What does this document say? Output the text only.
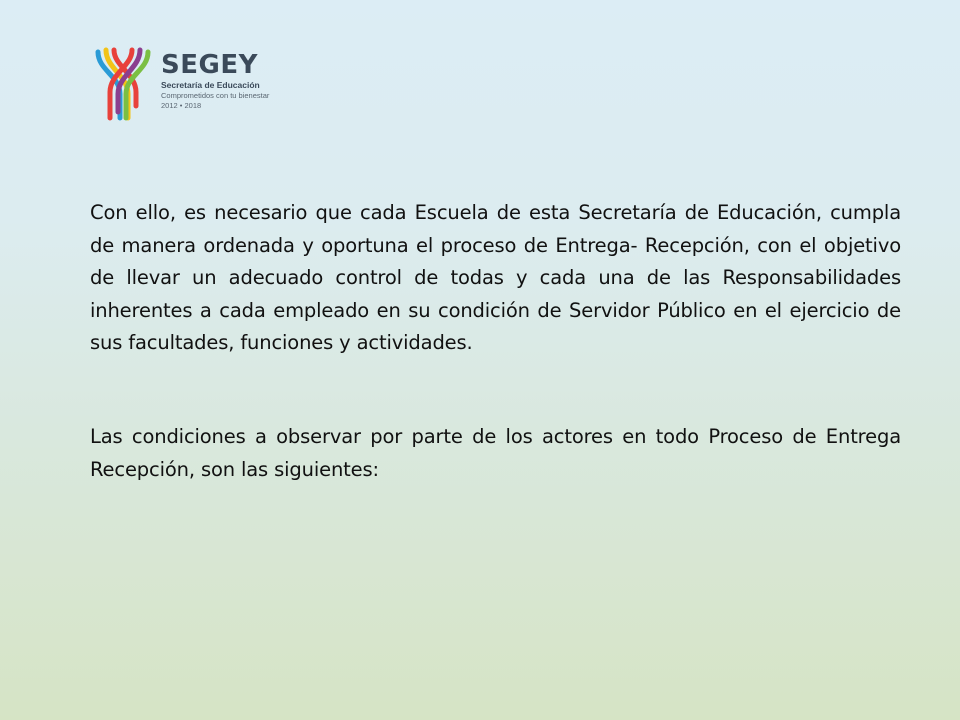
SEGEY
Secretaría de Educación
Comprometidos con tu bienestar
2012 • 2018

Con ello, es necesario que cada Escuela de esta Secretaría de Educación, cumpla de manera ordenada y oportuna el proceso de Entrega- Recepción, con el objetivo de llevar un adecuado control de todas y cada una de las Responsabilidades inherentes a cada empleado en su condición de Servidor Público en el ejercicio de sus facultades, funciones y actividades.

Las condiciones a observar por parte de los actores en todo Proceso de Entrega Recepción, son las siguientes:
